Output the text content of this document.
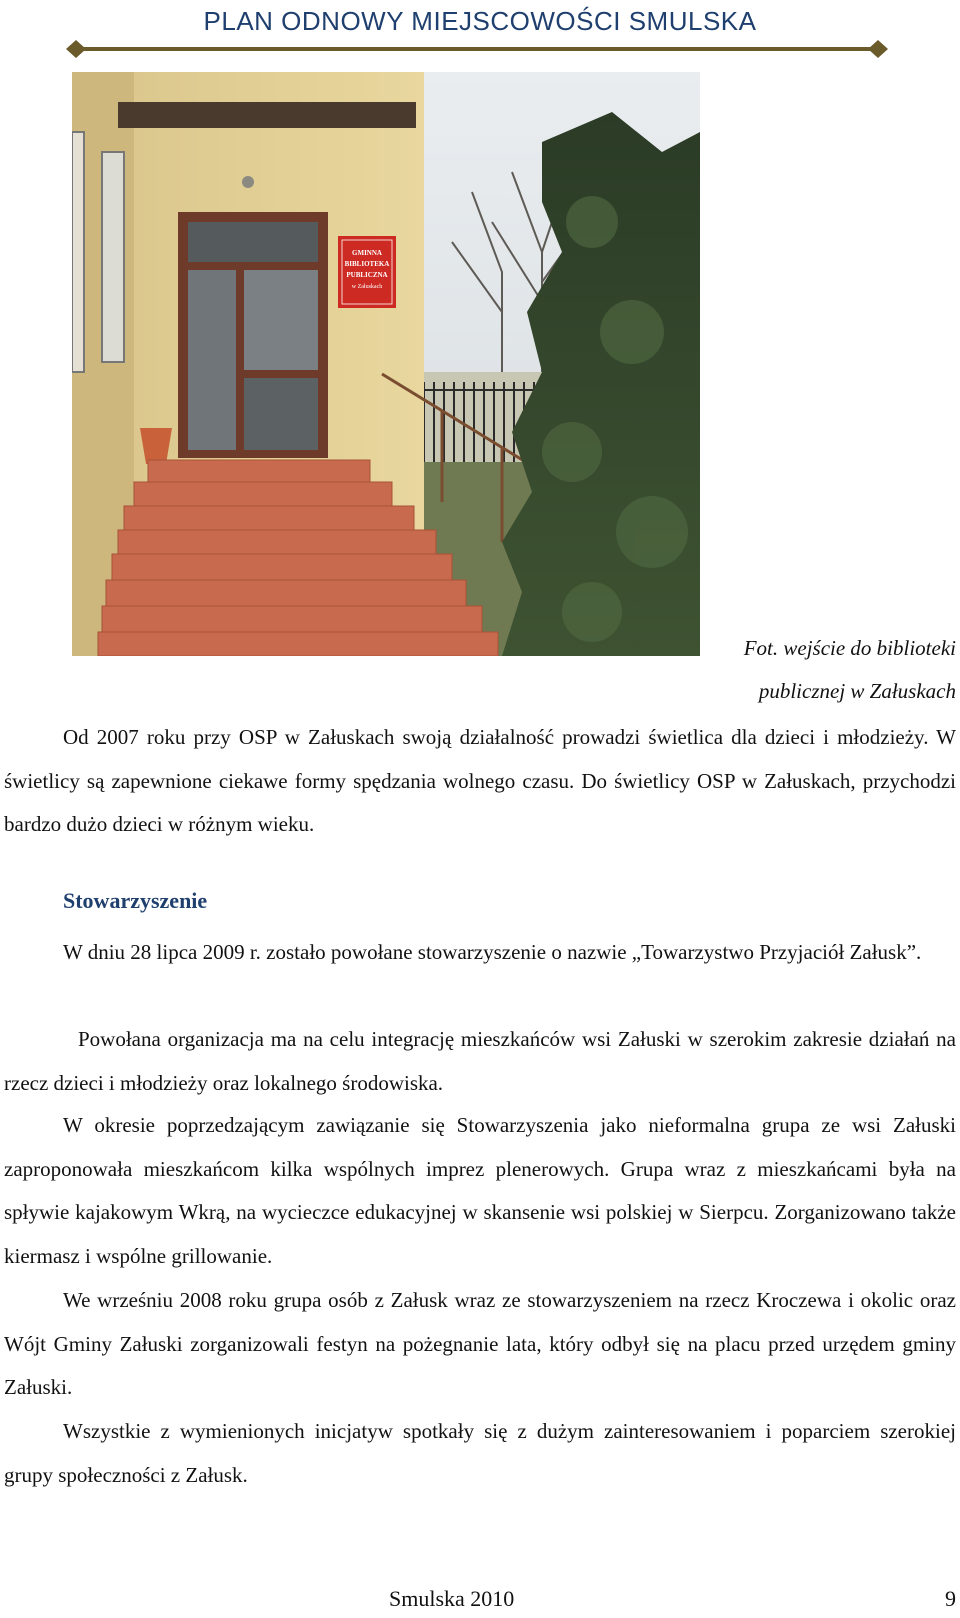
PLAN ODNOWY MIEJSCOWOŚCI SMULSKA
GMINNA
BIBLIOTEKA
PUBLICZNA
w Załuskach
Fot. wejście do biblioteki
publicznej w Załuskach

Od 2007 roku przy OSP w Załuskach swoją działalność prowadzi świetlica dla dzieci i młodzieży. W świetlicy są zapewnione ciekawe formy spędzania wolnego czasu. Do świetlicy OSP w Załuskach, przychodzi bardzo dużo dzieci w różnym wieku.

Stowarzyszenie

W dniu 28 lipca 2009 r. zostało powołane stowarzyszenie o nazwie „Towarzystwo Przyjaciół Załusk”.

Powołana organizacja ma na celu integrację mieszkańców wsi Załuski w szerokim zakresie działań na rzecz dzieci i młodzieży oraz lokalnego środowiska.

W okresie poprzedzającym zawiązanie się Stowarzyszenia jako nieformalna grupa ze wsi Załuski zaproponowała mieszkańcom kilka wspólnych imprez plenerowych. Grupa wraz z mieszkańcami była na spływie kajakowym Wkrą, na wycieczce edukacyjnej w skansenie wsi polskiej w Sierpcu. Zorganizowano także kiermasz i wspólne grillowanie.

We wrześniu 2008 roku grupa osób z Załusk wraz ze stowarzyszeniem na rzecz Kroczewa i okolic oraz Wójt Gminy Załuski zorganizowali festyn na pożegnanie lata, który odbył się na placu przed urzędem gminy Załuski.

Wszystkie z wymienionych inicjatyw spotkały się z dużym zainteresowaniem i poparciem szerokiej grupy społeczności z Załusk.

Smulska 2010	9
